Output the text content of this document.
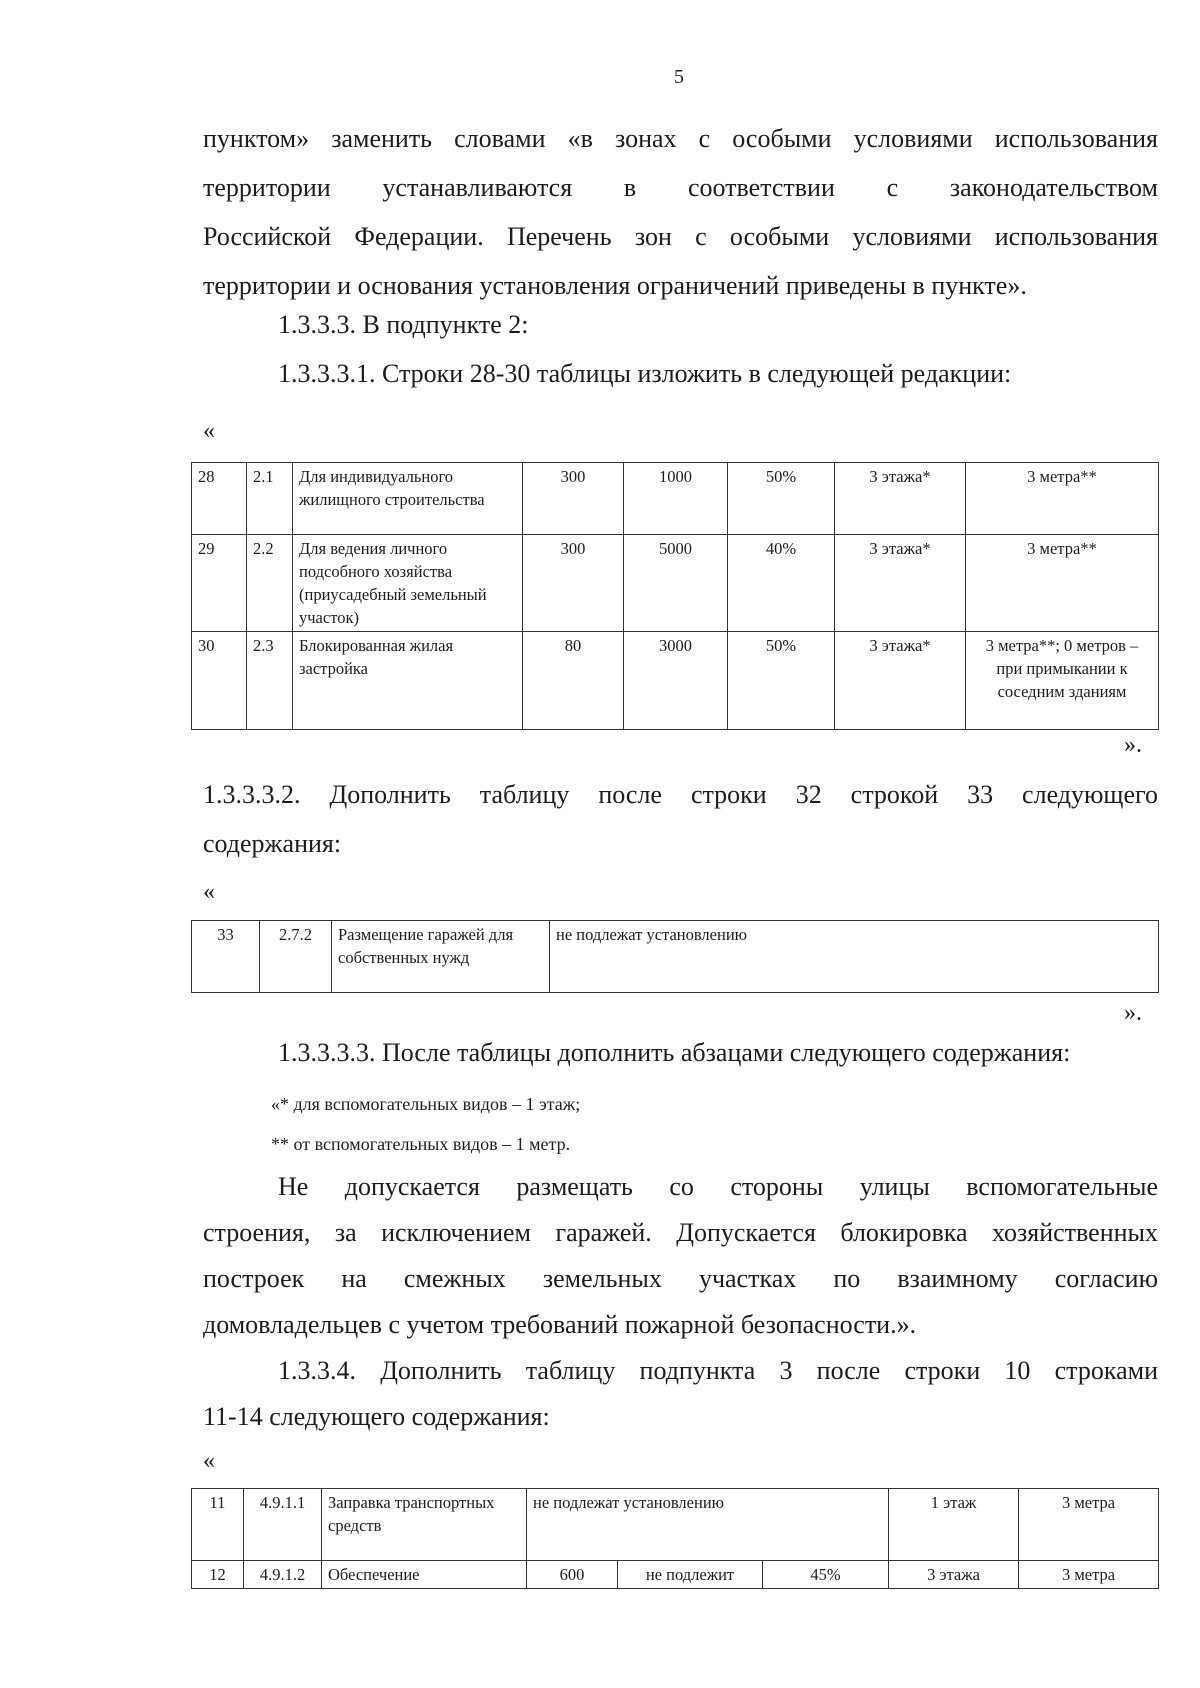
5
пунктом» заменить словами «в зонах с особыми условиями использования
территории устанавливаются в соответствии с законодательством
Российской Федерации. Перечень зон с особыми условиями использования
территории и основания установления ограничений приведены в пункте».
1.3.3.3. В подпункте 2:
1.3.3.3.1. Строки 28-30 таблицы изложить в следующей редакции:
«
28	2.1	Для индивидуального жилищного строительства	300	1000	50%	3 этажа*	3 метра**
29	2.2	Для ведения личного подсобного хозяйства (приусадебный земельный участок)	300	5000	40%	3 этажа*	3 метра**
30	2.3	Блокированная жилая застройка	80	3000	50%	3 этажа*	3 метра**; 0 метров – при примыкании к соседним зданиям
».
1.3.3.3.2. Дополнить таблицу после строки 32 строкой 33 следующего
содержания:
«
33	2.7.2	Размещение гаражей для собственных нужд	не подлежат установлению
».
1.3.3.3.3. После таблицы дополнить абзацами следующего содержания:
«* для вспомогательных видов – 1 этаж;
** от вспомогательных видов – 1 метр.
Не допускается размещать со стороны улицы вспомогательные
строения, за исключением гаражей. Допускается блокировка хозяйственных
построек на смежных земельных участках по взаимному согласию
домовладельцев с учетом требований пожарной безопасности.».
1.3.3.4. Дополнить таблицу подпункта 3 после строки 10 строками
11-14 следующего содержания:
«
11	4.9.1.1	Заправка транспортных средств	не подлежат установлению			1 этаж	3 метра
12	4.9.1.2	Обеспечение	600	не подлежит	45%	3 этажа	3 метра
